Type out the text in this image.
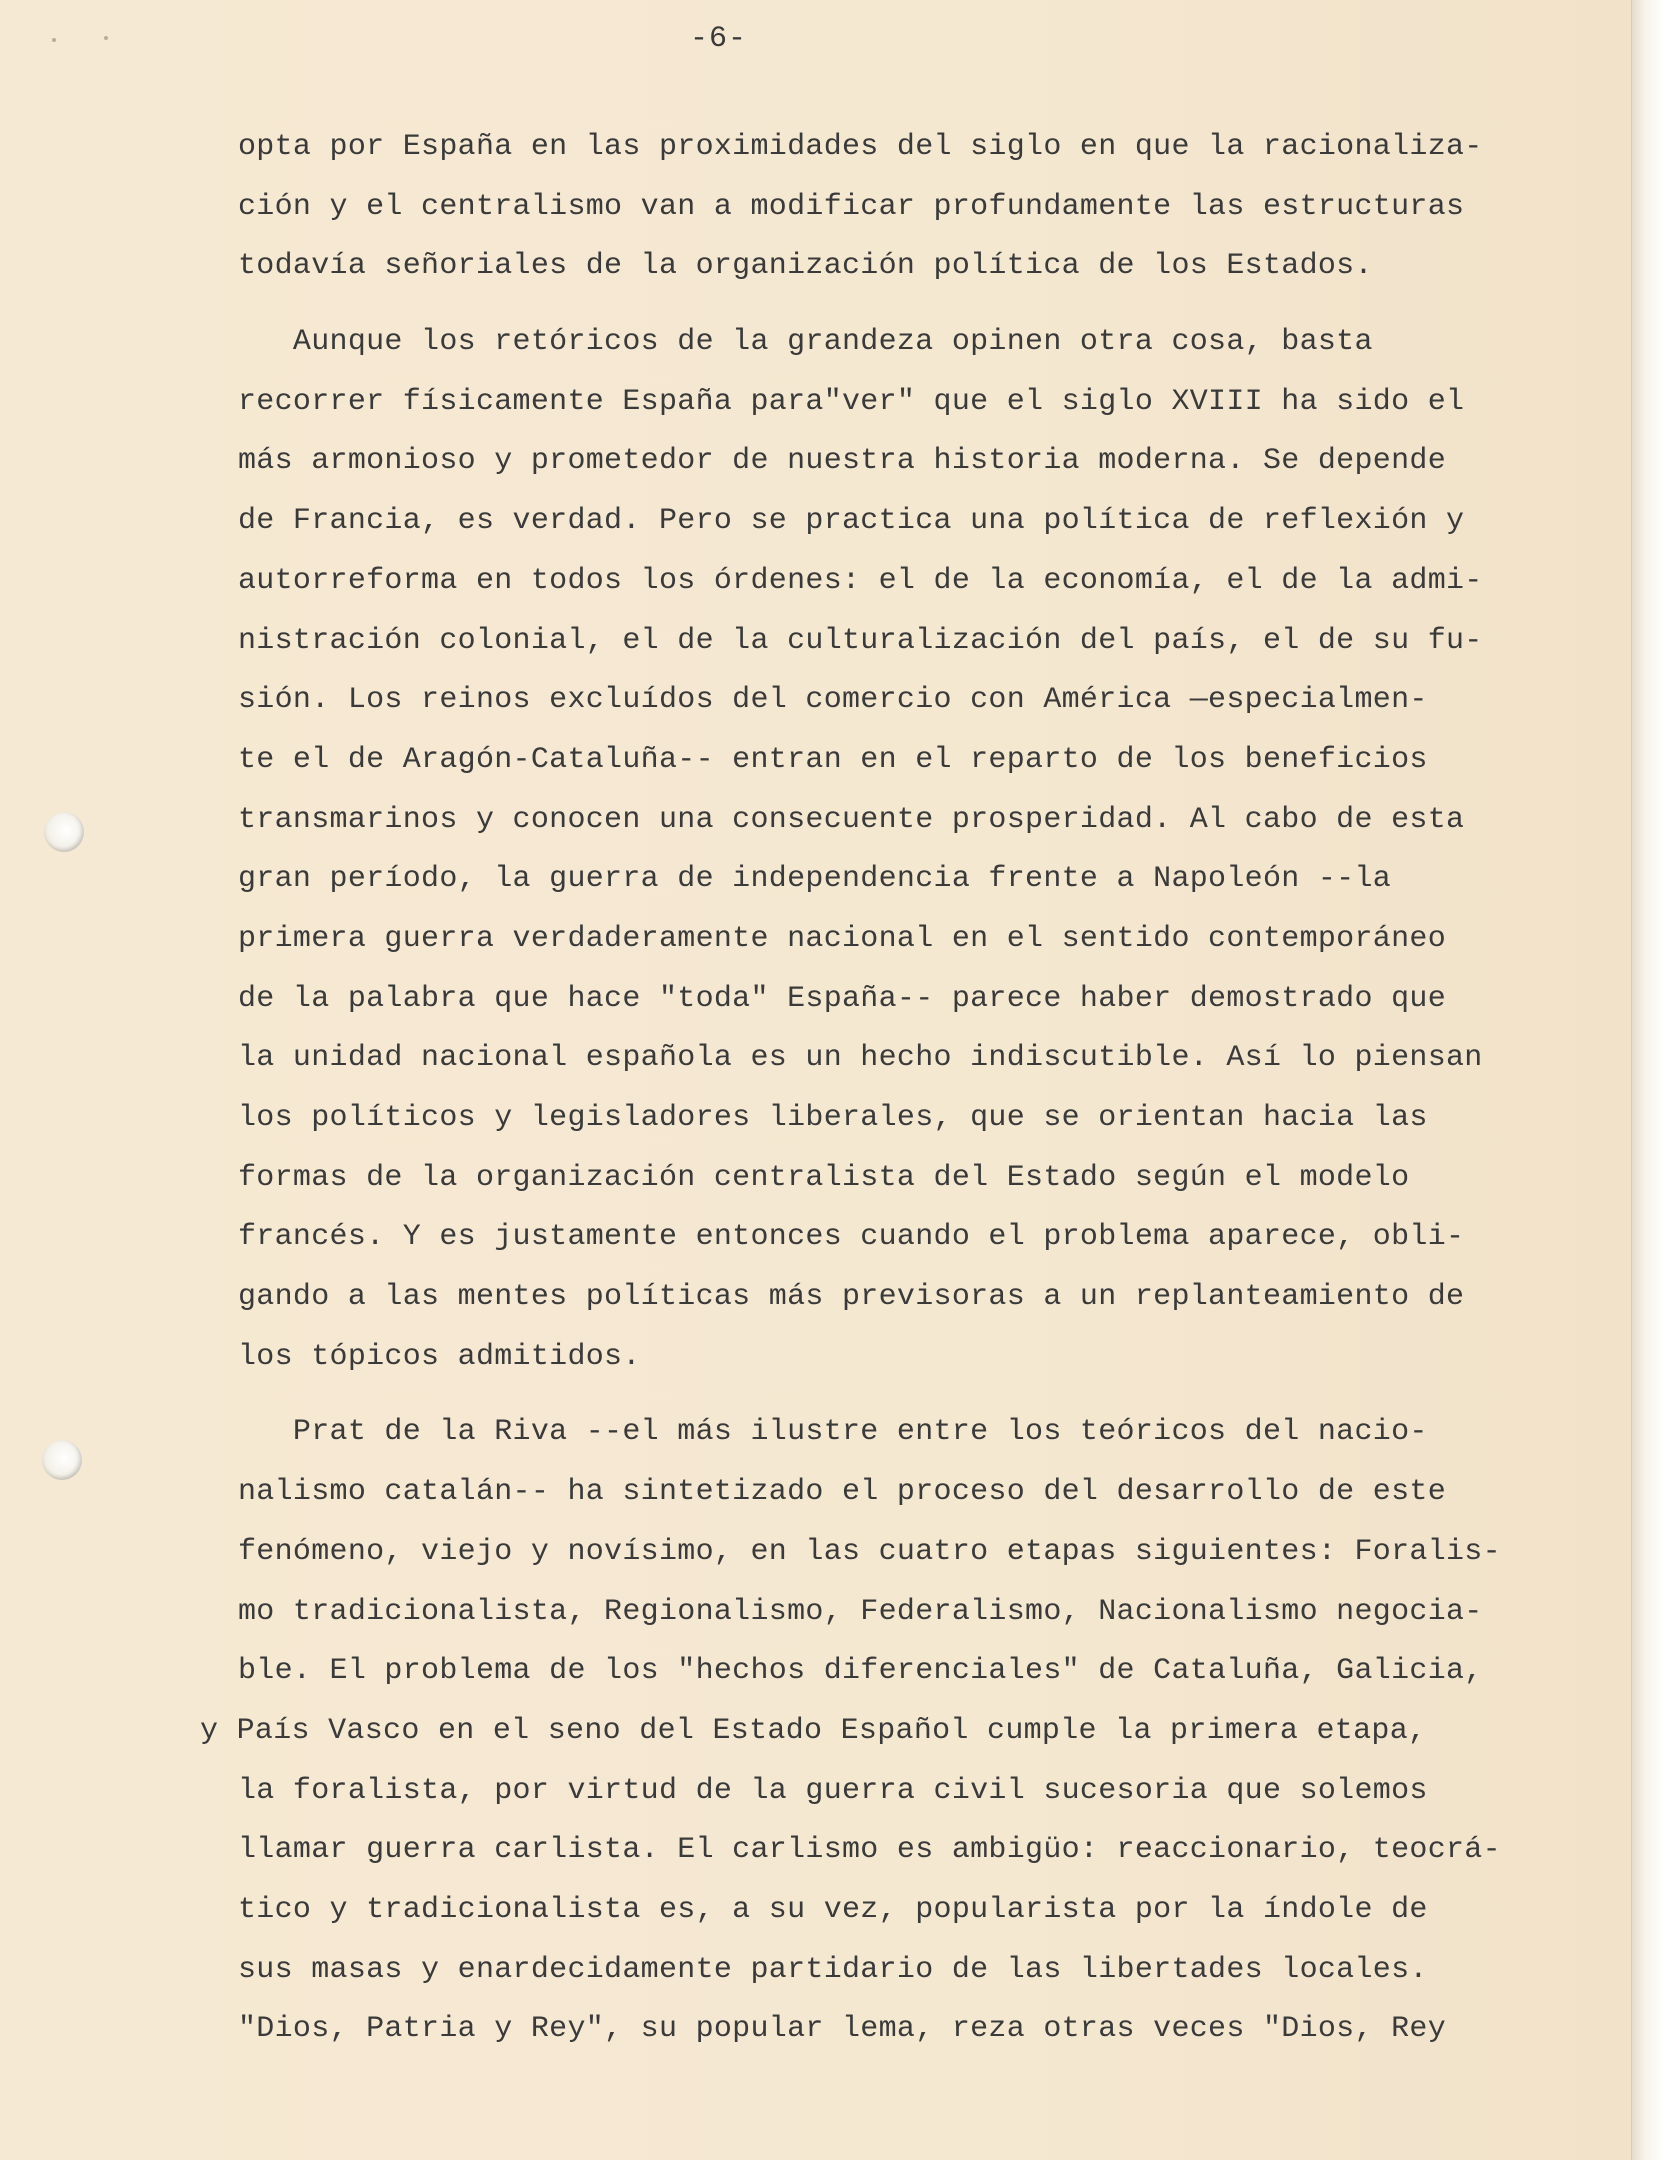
-6-
opta por España en las proximidades del siglo en que la racionaliza-
ción y el centralismo van a modificar profundamente las estructuras
todavía señoriales de la organización política de los Estados.
Aunque los retóricos de la grandeza opinen otra cosa, basta
recorrer físicamente España para"ver" que el siglo XVIII ha sido el
más armonioso y prometedor de nuestra historia moderna. Se depende
de Francia, es verdad. Pero se practica una política de reflexión y
autorreforma en todos los órdenes: el de la economía, el de la admi-
nistración colonial, el de la culturalización del país, el de su fu-
sión. Los reinos excluídos del comercio con América —especialmen-
te el de Aragón-Cataluña-- entran en el reparto de los beneficios
transmarinos y conocen una consecuente prosperidad. Al cabo de esta
gran período, la guerra de independencia frente a Napoleón --la
primera guerra verdaderamente nacional en el sentido contemporáneo
de la palabra que hace "toda" España-- parece haber demostrado que
la unidad nacional española es un hecho indiscutible. Así lo piensan
los políticos y legisladores liberales, que se orientan hacia las
formas de la organización centralista del Estado según el modelo
francés. Y es justamente entonces cuando el problema aparece, obli-
gando a las mentes políticas más previsoras a un replanteamiento de
los tópicos admitidos.
Prat de la Riva --el más ilustre entre los teóricos del nacio-
nalismo catalán-- ha sintetizado el proceso del desarrollo de este
fenómeno, viejo y novísimo, en las cuatro etapas siguientes: Foralis-
mo tradicionalista, Regionalismo, Federalismo, Nacionalismo negocia-
ble. El problema de los "hechos diferenciales" de Cataluña, Galicia,
y País Vasco en el seno del Estado Español cumple la primera etapa,
la foralista, por virtud de la guerra civil sucesoria que solemos
llamar guerra carlista. El carlismo es ambigüo: reaccionario, teocrá-
tico y tradicionalista es, a su vez, popularista por la índole de
sus masas y enardecidamente partidario de las libertades locales.
"Dios, Patria y Rey", su popular lema, reza otras veces "Dios, Rey
